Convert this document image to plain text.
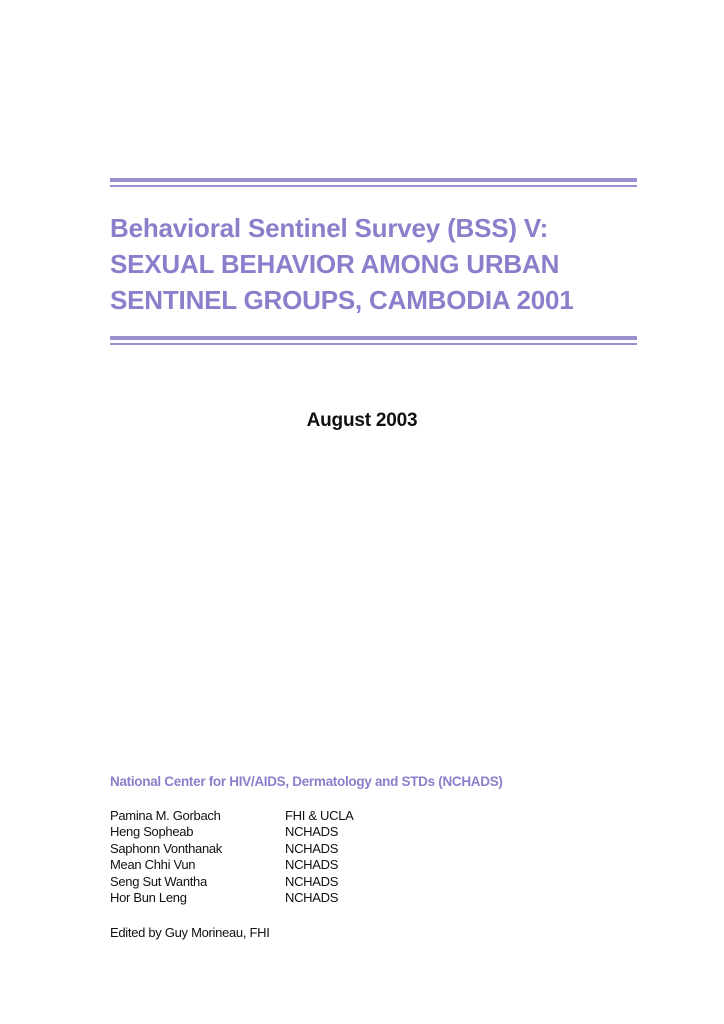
Behavioral Sentinel Survey (BSS) V:
SEXUAL BEHAVIOR AMONG URBAN
SENTINEL GROUPS, CAMBODIA 2001
August 2003
National Center for HIV/AIDS, Dermatology and STDs (NCHADS)
Pamina M. Gorbach	FHI & UCLA
Heng Sopheab	NCHADS
Saphonn Vonthanak	NCHADS
Mean Chhi Vun	NCHADS
Seng Sut Wantha	NCHADS
Hor Bun Leng	NCHADS
Edited by Guy Morineau, FHI
